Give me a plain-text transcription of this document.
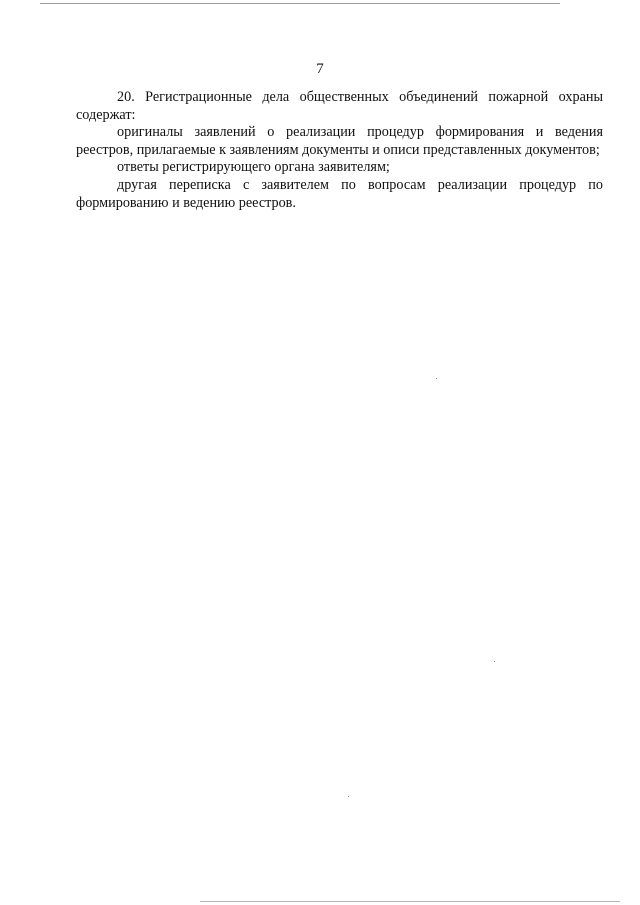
7

20. Регистрационные дела общественных объединений пожарной охраны содержат:

оригиналы заявлений о реализации процедур формирования и ведения реестров, прилагаемые к заявлениям документы и описи представленных документов;

ответы регистрирующего органа заявителям;

другая переписка с заявителем по вопросам реализации процедур по формированию и ведению реестров.
